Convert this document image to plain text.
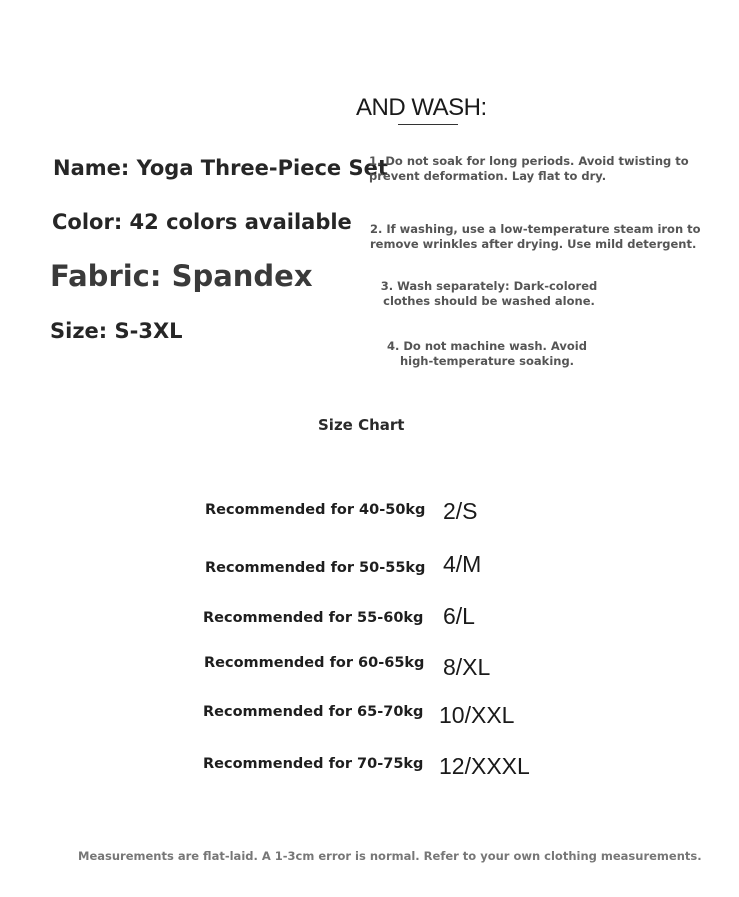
AND WASH:
Name: Yoga Three-Piece Set
Color: 42 colors available
Fabric: Spandex
Size: S-3XL
1. Do not soak for long periods. Avoid twisting to prevent deformation. Lay flat to dry.
2. If washing, use a low-temperature steam iron to remove wrinkles after drying. Use mild detergent.
3. Wash separately: Dark-colored clothes should be washed alone.
4. Do not machine wash. Avoid high-temperature soaking.
Size Chart
Recommended for 40-50kg 2/S
Recommended for 50-55kg 4/M
Recommended for 55-60kg 6/L
Recommended for 60-65kg 8/XL
Recommended for 65-70kg 10/XXL
Recommended for 70-75kg 12/XXXL
Measurements are flat-laid. A 1-3cm error is normal. Refer to your own clothing measurements.
